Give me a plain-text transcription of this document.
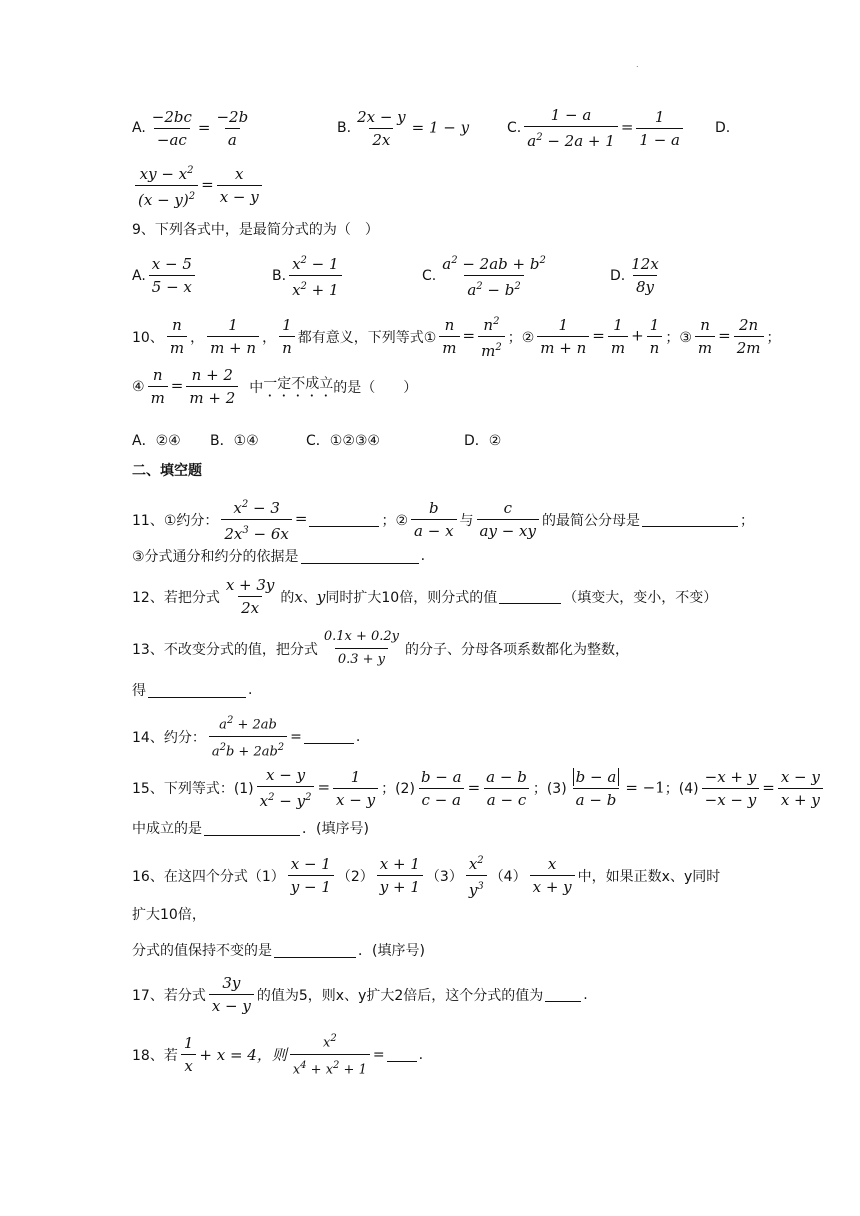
.
A. $\frac{-2bc}{-ac} = \frac{-2b}{a}$	B. $\frac{2x - y}{2x} = 1 - y$	C. $\frac{1 - a}{a^2 - 2a + 1} = \frac{1}{1 - a} D$.
$\frac{xy - x^2}{(x - y)^2} = \frac{x}{x - y}$
9、下列各式中，是最简分式的为（　）
A. $\frac{x - 5}{5 - x}$	B. $\frac{x^2 - 1}{x^2 + 1}$	C. $\frac{a^2 - 2ab + b^2}{a^2 - b^2}$	D. $\frac{12x}{8y}$
10、 $\frac{n}{m}$ ， $\frac{1}{m + n}$ ， $\frac{1}{n}$ 都有意义，下列等式① $\frac{n}{m} = \frac{n^2}{m^2}$ ；② $\frac{1}{m + n} = \frac{1}{m} + \frac{1}{n}$ ；③ $\frac{n}{m} = \frac{2n}{2m}$ ；
④ $\frac{n}{m} = \frac{n + 2}{m + 2}$ 中 一定不成立 的是（　　）
A．②④	B．①④	C．①②③④	D．②
二、填空题
11、①约分： $\frac{x^2 - 3}{2x^3 - 6x}$ =	；② $\frac{b}{a - x}$ 与 $\frac{c}{ay - xy}$ 的最简公分母是	；
③分式通分和约分的依据是	.
12、若把分式 $\frac{x + 3y}{2x}$ 的 x 、 y 同时扩大10倍，则分式的值	（填变大，变小，不变）
13、不改变分式的值，把分式 $\frac{0.1x + 0.2y}{0.3 + y}$ 的分子、分母各项系数都化为整数，
得	.
14、约分： $\frac{a^2 + 2ab}{a^2b + 2ab^2}$ =	.
15、下列等式：$(1) \frac{x - y}{x^2 - y^2} = \frac{1}{x - y}$ ；$(2) \frac{b - a}{c - a} = \frac{a - b}{a - c}$ ；$(3) \frac{b - a}{a - b} = -1$ ；$(4) \frac{-x + y}{-x - y} = \frac{x - y}{x + y}$
中成立的是	．(填序号)
16、在这四个分式$(1) \frac{x - 1}{y - 1} (2) \frac{x + 1}{y + 1} (3) \frac{x^2}{y^3} (4) \frac{x}{x + y}$ 中，如果正数x、y同时
扩大10倍，
分式的值保持不变的是	．(填序号)
17、若分式 $\frac{3y}{x - y}$ 的值为5，则x、y扩大2倍后，这个分式的值为	.
18、若 $\frac{1}{x} + x = 4$，则 $\frac{x^2}{x^4 + x^2 + 1}$ = .
